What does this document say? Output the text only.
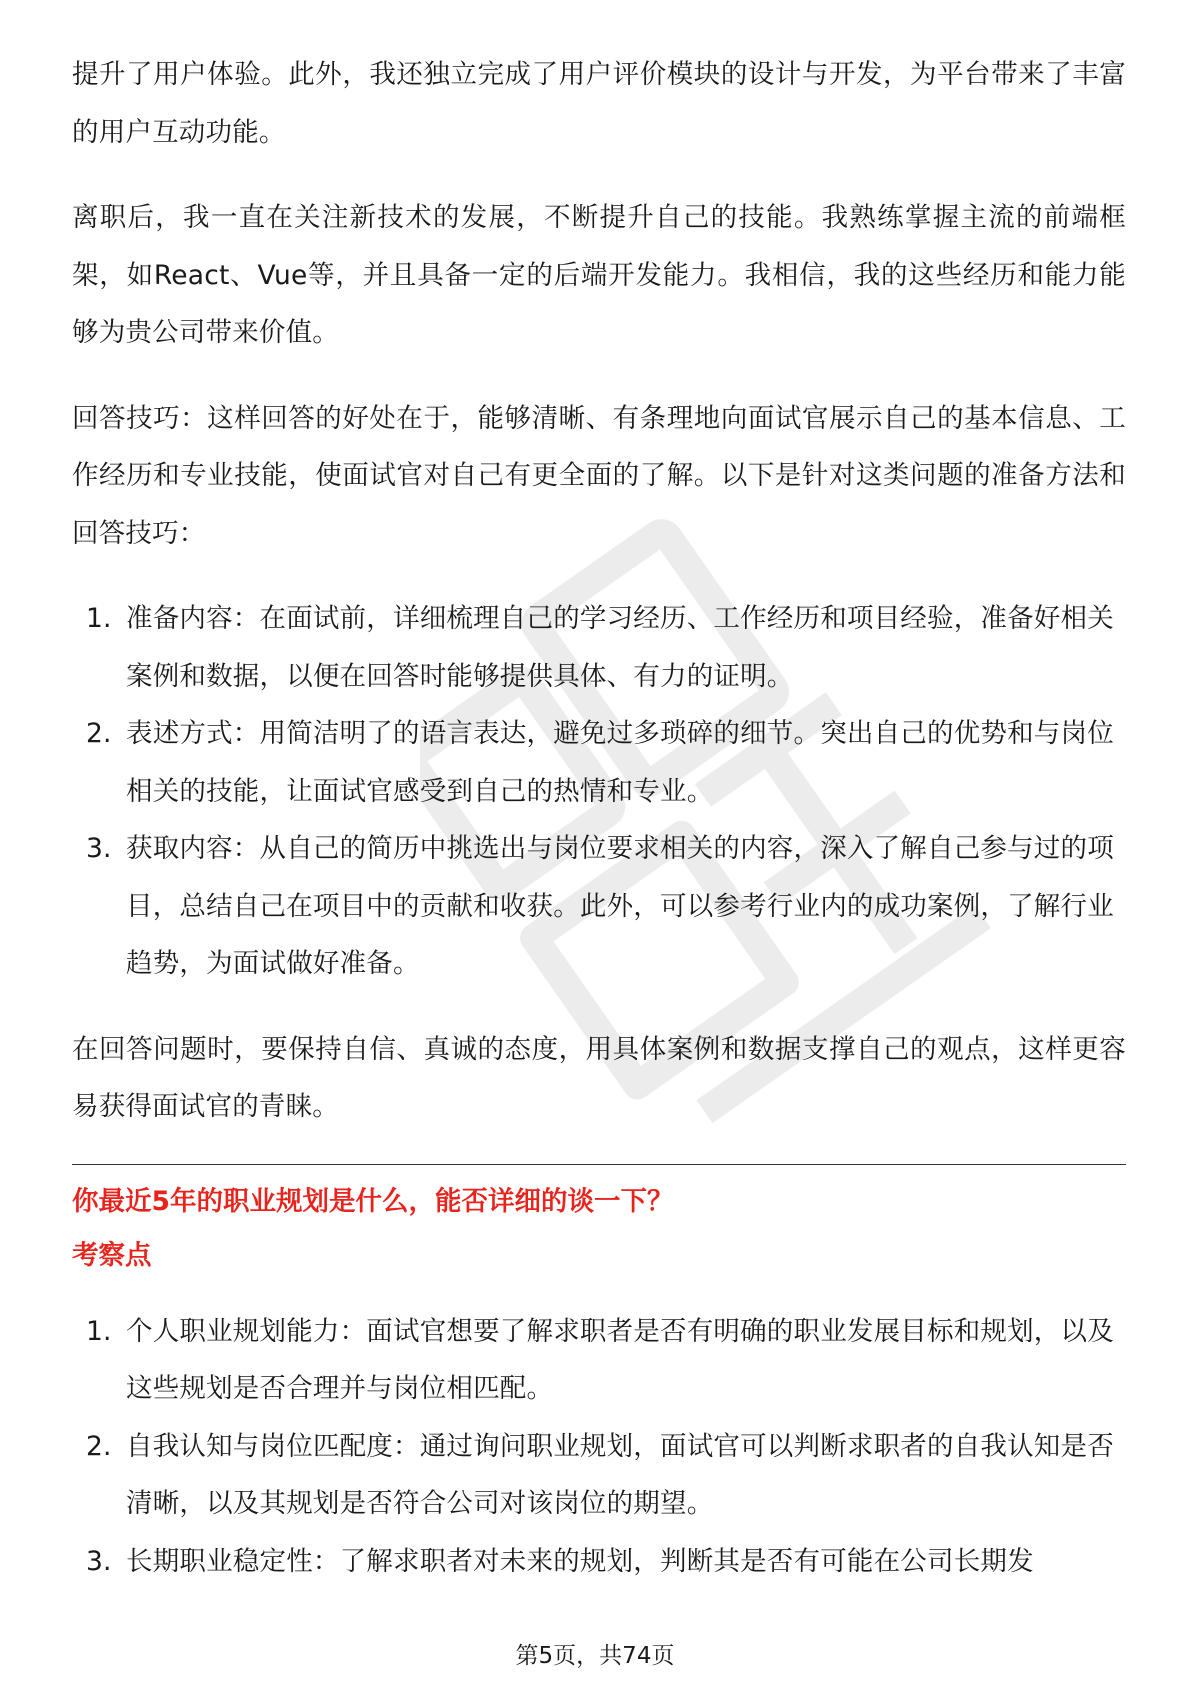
提升了用户体验。此外，我还独立完成了用户评价模块的设计与开发，为平台带来了丰富的用户互动功能。

离职后，我一直在关注新技术的发展，不断提升自己的技能。我熟练掌握主流的前端框架，如React、Vue等，并且具备一定的后端开发能力。我相信，我的这些经历和能力能够为贵公司带来价值。

回答技巧：这样回答的好处在于，能够清晰、有条理地向面试官展示自己的基本信息、工作经历和专业技能，使面试官对自己有更全面的了解。以下是针对这类问题的准备方法和回答技巧：

1. 准备内容：在面试前，详细梳理自己的学习经历、工作经历和项目经验，准备好相关案例和数据，以便在回答时能够提供具体、有力的证明。
2. 表述方式：用简洁明了的语言表达，避免过多琐碎的细节。突出自己的优势和与岗位相关的技能，让面试官感受到自己的热情和专业。
3. 获取内容：从自己的简历中挑选出与岗位要求相关的内容，深入了解自己参与过的项目，总结自己在项目中的贡献和收获。此外，可以参考行业内的成功案例，了解行业趋势，为面试做好准备。

在回答问题时，要保持自信、真诚的态度，用具体案例和数据支撑自己的观点，这样更容易获得面试官的青睐。

你最近5年的职业规划是什么，能否详细的谈一下？

考察点

1. 个人职业规划能力：面试官想要了解求职者是否有明确的职业发展目标和规划，以及这些规划是否合理并与岗位相匹配。
2. 自我认知与岗位匹配度：通过询问职业规划，面试官可以判断求职者的自我认知是否清晰，以及其规划是否符合公司对该岗位的期望。
3. 长期职业稳定性：了解求职者对未来的规划，判断其是否有可能在公司长期发
第5页，共74页
